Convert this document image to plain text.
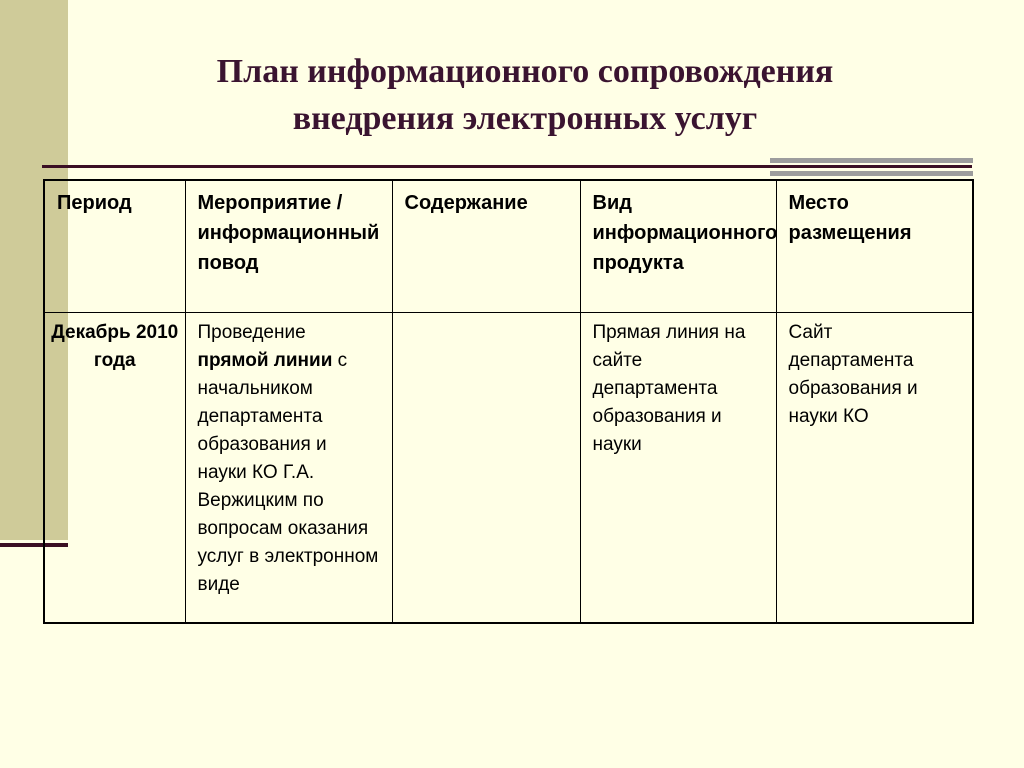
План информационного сопровождения
внедрения электронных услуг
Период	Мероприятие / информационный повод	Содержание	Вид информационного продукта	Место размещения
Декабрь 2010 года	Проведение прямой линии с начальником департамента образования и науки КО Г.А. Вержицким по вопросам оказания услуг в электронном виде		Прямая линия на сайте департамента образования и науки	Сайт департамента образования и науки КО
